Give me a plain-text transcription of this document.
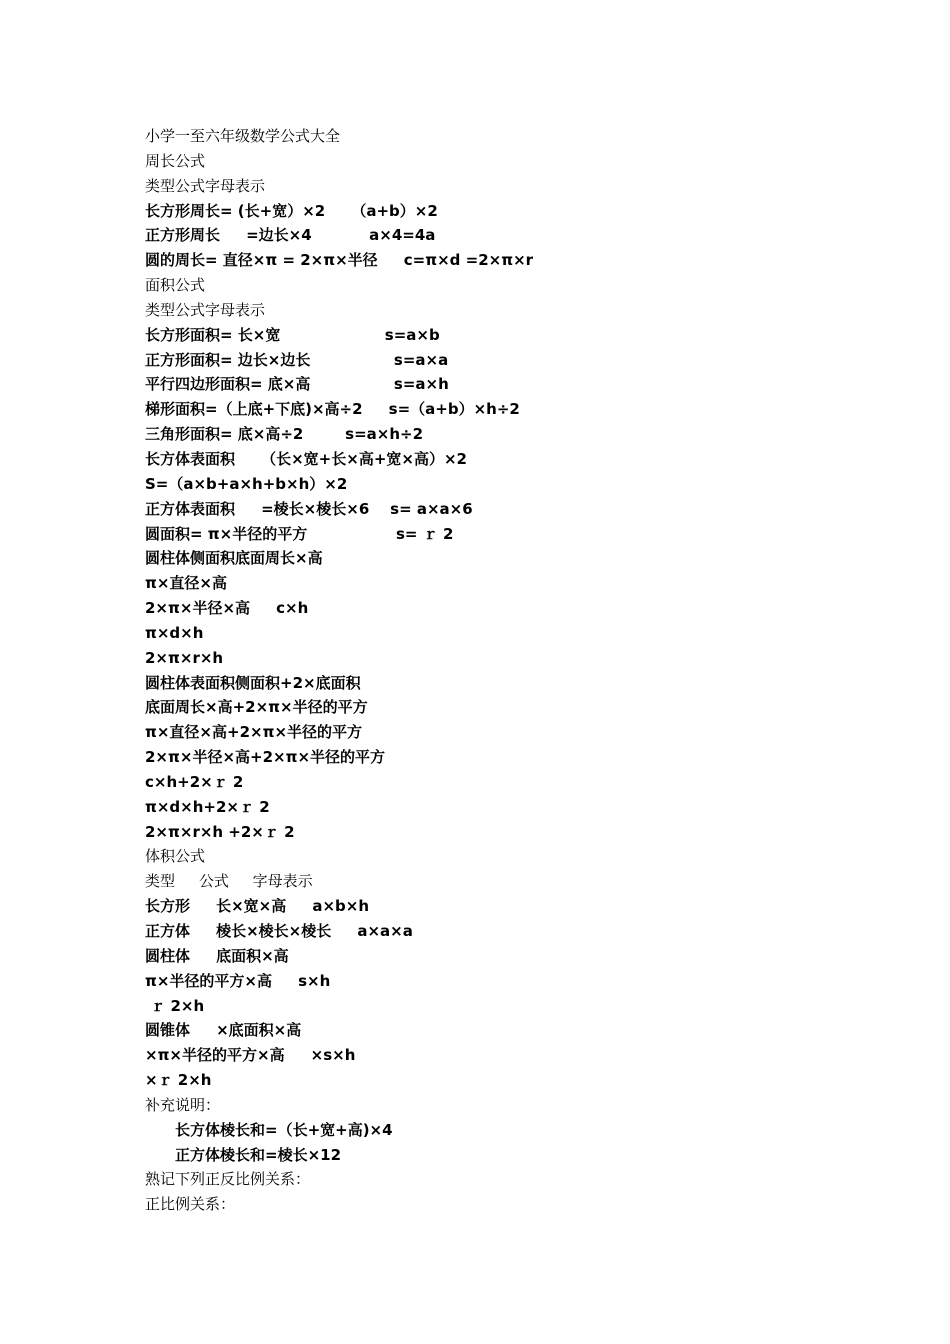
小学一至六年级数学公式大全
周长公式
类型公式字母表示
长方形周长= (长+宽）×2     （a+b）×2
正方形周长     =边长×4           a×4=4a
圆的周长= 直径×π = 2×π×半径     c=π×d =2×π×r
面积公式
类型公式字母表示
长方形面积= 长×宽                    s=a×b
正方形面积= 边长×边长                s=a×a
平行四边形面积= 底×高                s=a×h
梯形面积=（上底+下底)×高÷2     s=（a+b）×h÷2
三角形面积= 底×高÷2        s=a×h÷2
长方体表面积     （长×宽+长×高+宽×高）×2
S=（a×b+a×h+b×h）×2
正方体表面积     =棱长×棱长×6    s= a×a×6
圆面积= π×半径的平方                 s= ｒ 2
圆柱体侧面积底面周长×高
π×直径×高
2×π×半径×高     c×h
π×d×h
2×π×r×h
圆柱体表面积侧面积+2×底面积
底面周长×高+2×π×半径的平方
π×直径×高+2×π×半径的平方
2×π×半径×高+2×π×半径的平方
c×h+2×ｒ 2
π×d×h+2×ｒ 2
2×π×r×h +2×ｒ 2
体积公式
类型     公式     字母表示
长方形     长×宽×高     a×b×h
正方体     棱长×棱长×棱长     a×a×a
圆柱体     底面积×高
π×半径的平方×高     s×h
ｒ 2×h
圆锥体     ×底面积×高
×π×半径的平方×高     ×s×h
×ｒ 2×h
补充说明：
长方体棱长和=（长+宽+高)×4
正方体棱长和=棱长×12
熟记下列正反比例关系：
正比例关系：
